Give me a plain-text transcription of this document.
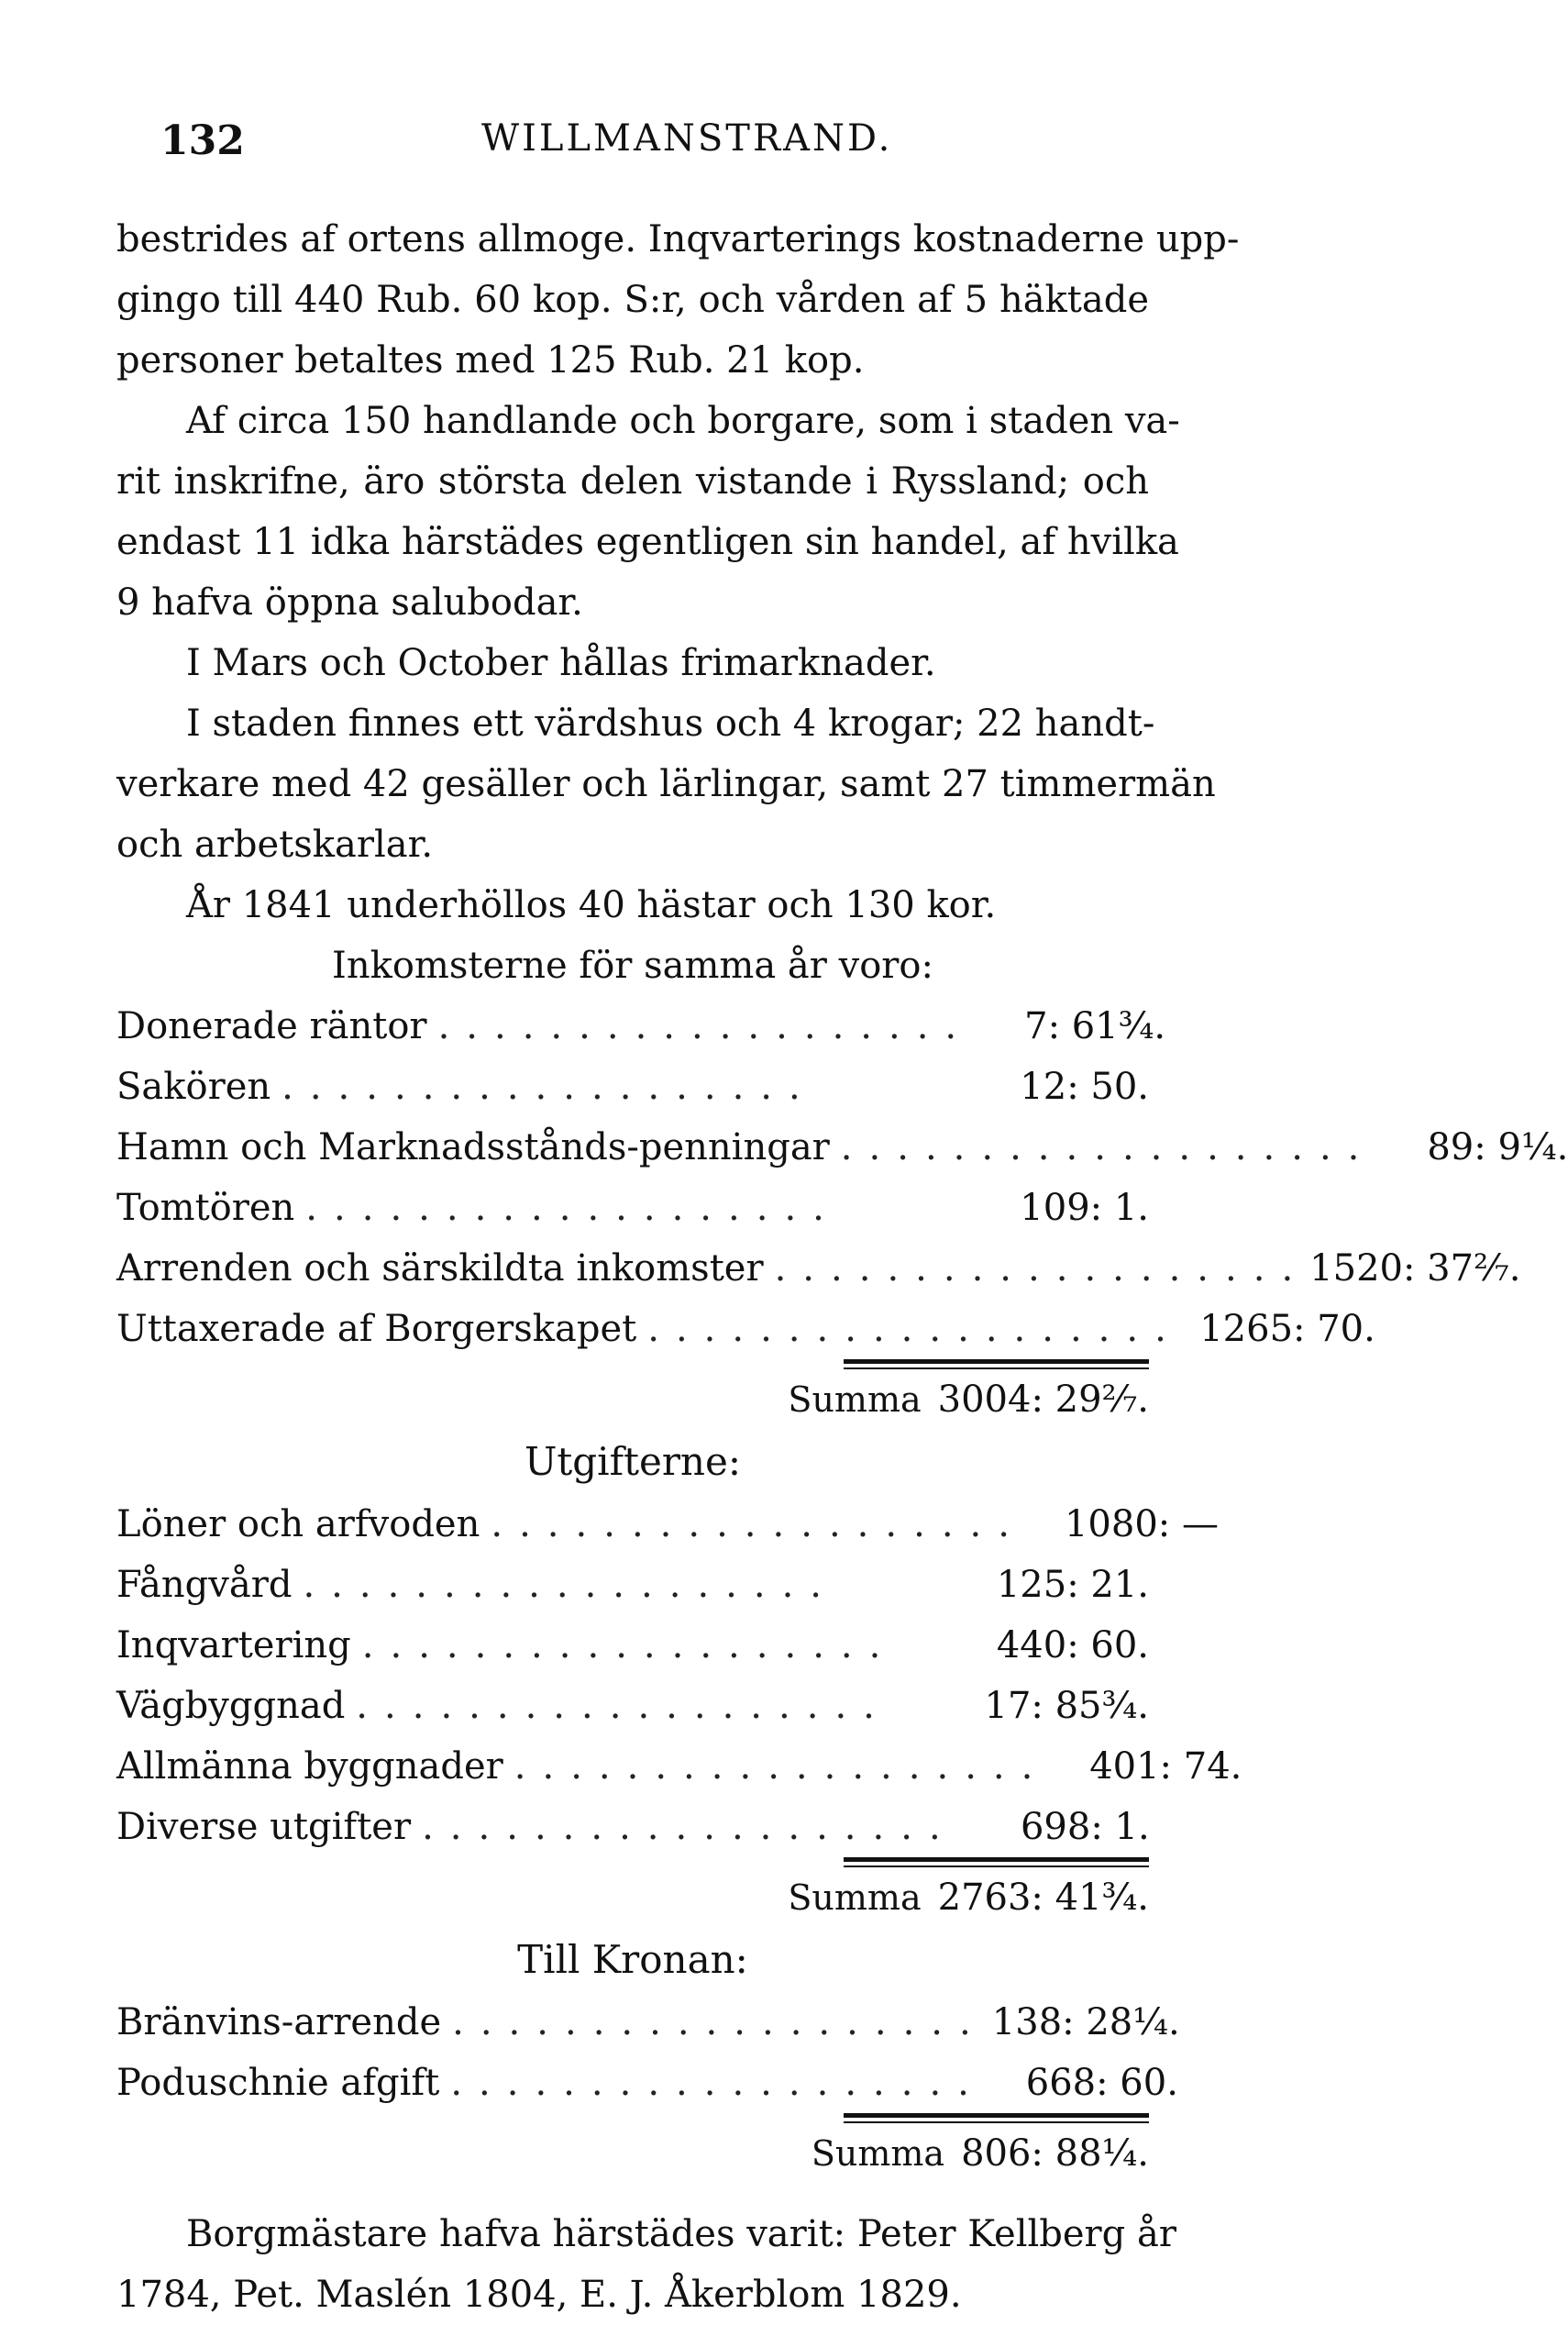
132	WILLMANSTRAND.
bestrides af ortens allmoge. Inqvarterings kostnaderne upp-
gingo till 440 Rub. 60 kop. S:r, och vården af 5 häktade
personer betaltes med 125 Rub. 21 kop.
Af circa 150 handlande och borgare, som i staden va-
rit inskrifne, äro största delen vistande i Ryssland; och
endast 11 idka härstädes egentligen sin handel, af hvilka
9 hafva öppna salubodar.
I Mars och October hållas frimarknader.
I staden finnes ett värdshus och 4 krogar; 22 handt-
verkare med 42 gesäller och lärlingar, samt 27 timmermän
och arbetskarlar.
År 1841 underhöllos 40 hästar och 130 kor.
Inkomsterne för samma år voro:
Donerade räntor ...................	7: 61¾.
Sakören ...................	12: 50.
Hamn och Marknadsstånds-penningar ...................	89: 9¼.
Tomtören ...................	109: 1.
Arrenden och särskildta inkomster ................... 1520: 37²⁄₇.
Uttaxerade af Borgerskapet ................... 1265: 70.
Summa 3004: 29²⁄₇.
Utgifterne:
Löner och arfvoden ...................	1080: —
Fångvård ...................	125: 21.
Inqvartering ...................	440: 60.
Vägbyggnad ...................	17: 85¾.
Allmänna byggnader ...................	401: 74.
Diverse utgifter ...................	698: 1.
Summa 2763: 41¾.
Till Kronan:
Bränvins-arrende ................... 138: 28¼.
Poduschnie afgift ...................	668: 60.
Summa 806: 88¼.
Borgmästare hafva härstädes varit: Peter Kellberg år
1784, Pet. Maslén 1804, E. J. Åkerblom 1829.
